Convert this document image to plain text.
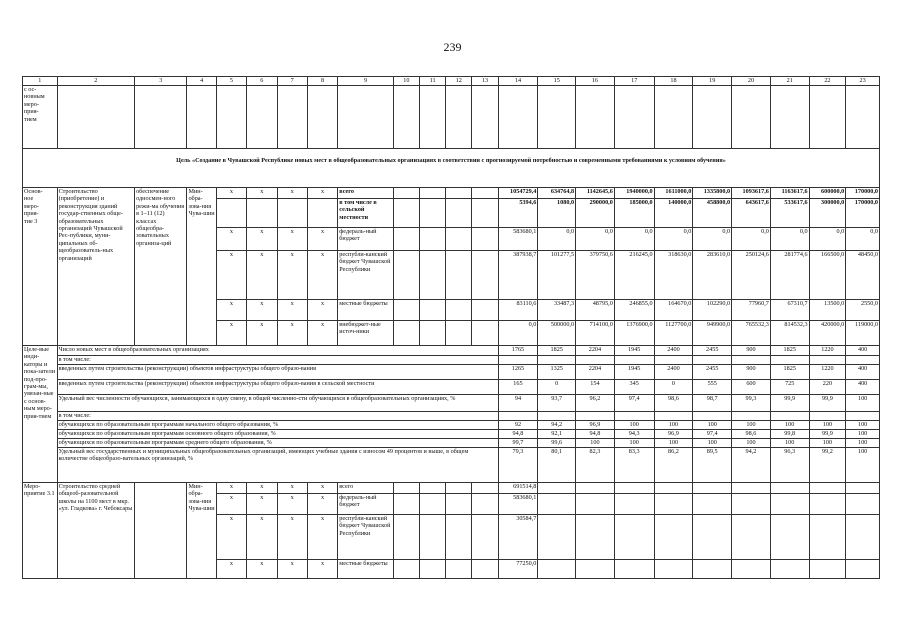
239
1	2	3	4	5	6	7	8	9	10	11	12	13	14	15	16	17	18	19	20	21	22	23
с ос-
новным
меро-
прия-
тием																						
Цель «Создание в Чувашской Республике новых мест в общеобразовательных организациях в соответствии с прогнозируемой потребностью и современными требованиями к условиям обучения»																						
Основ-
ное
меро-
прия-
тие 3	Строительство (приобретение) и реконструкция зданий государ-ственных обще-образовательных организаций Чувашской Рес-публики, муни-ципальных об-щеобразователь-ных организаций	обеспечение односмен-ного режи-ма обучения в 1–11 (12) классах общеобра-зовательных организа-ций	Мин-обра-зова-ния Чува-шии	x	x	x	x	всего					1054729,4	634764,8	1142645,6	1940000,0	1611000,0	1335800,0	1093617,6	1163617,6	600000,0	170000,0
								в том числе в сельской местности					5394,6	1080,0	290000,0	185000,0	140000,0	458800,0	643617,6	533617,6	300000,0	170000,0
				x	x	x	x	федераль-ный бюджет					583680,1	0,0	0,0	0,0	0,0	0,0	0,0	0,0	0,0	0,0
				x	x	x	x	республи-канский бюджет Чувашской Республики					387938,7	101277,5	379750,6	216245,0	318630,0	283610,0	250124,6	281774,6	166500,0	48450,0
				x	x	x	x	местные бюджеты					83110,6	33487,3	48795,0	246855,0	164670,0	102290,0	77960,7	67310,7	13500,0	2550,0
				x	x	x	x	внебюджет-ные источ-ники					0,0	500000,0	714100,0	1376900,0	1127700,0	949900,0	765532,3	814532,3	420000,0	119000,0
Целе-вые инди-каторы и пока-затели под-про-грам-мы, увязан-ные с основ-ным меро-прия-тием	Число новых мест в общеобразовательных организациях												1765	1825	2204	1945	2400	2455	900	1825	1220	400
	в том числе:																					
	введенных путем строительства (реконструкции) объектов инфраструктуры общего образо-вания												1265	1325	2204	1945	2400	2455	900	1825	1220	400
	введенных путем строительства (реконструкции) объектов инфраструктуры общего образо-вания в сельской местности												165	0	154	345	0	555	600	725	220	400
	Удельный вес численности обучающихся, занимающихся в одну смену, в общей численно-сти обучающихся в общеобразовательных организациях, %												94	93,7	96,2	97,4	98,6	98,7	99,3	99,9	99,9	100
	в том числе:																					
	обучающихся по образовательным программам начального общего образования, %												92	94,2	96,9	100	100	100	100	100	100	100
	обучающихся по образовательным программам основного общего образования, %												94,8	92,1	94,8	94,3	96,9	97,4	98,6	99,8	99,9	100
	обучающихся по образовательным программам среднего общего образования, %												99,7	99,6	100	100	100	100	100	100	100	100
	Удельный вес государственных и муниципальных общеобразовательных организаций, имеющих учебные здания с износом 49 процентов и выше, в общем количестве общеобразо-вательных организаций, %												79,3	80,1	82,3	83,3	86,2	89,5	94,2	96,3	99,2	100
Меро-приятие 3.1	Строительство средней общеоб-разовательной школы на 1100 мест в мкр. «ул. Гладкова» г. Чебоксары		Мин-обра-зова-ния Чува-шии	x	x	x	x	всего					691514,8									
				x	x	x	x	федераль-ный бюджет					583680,1									
				x	x	x	x	республи-канский бюджет Чувашской Республики					30584,7									
				x	x	x	x	местные бюджеты					77250,0									
